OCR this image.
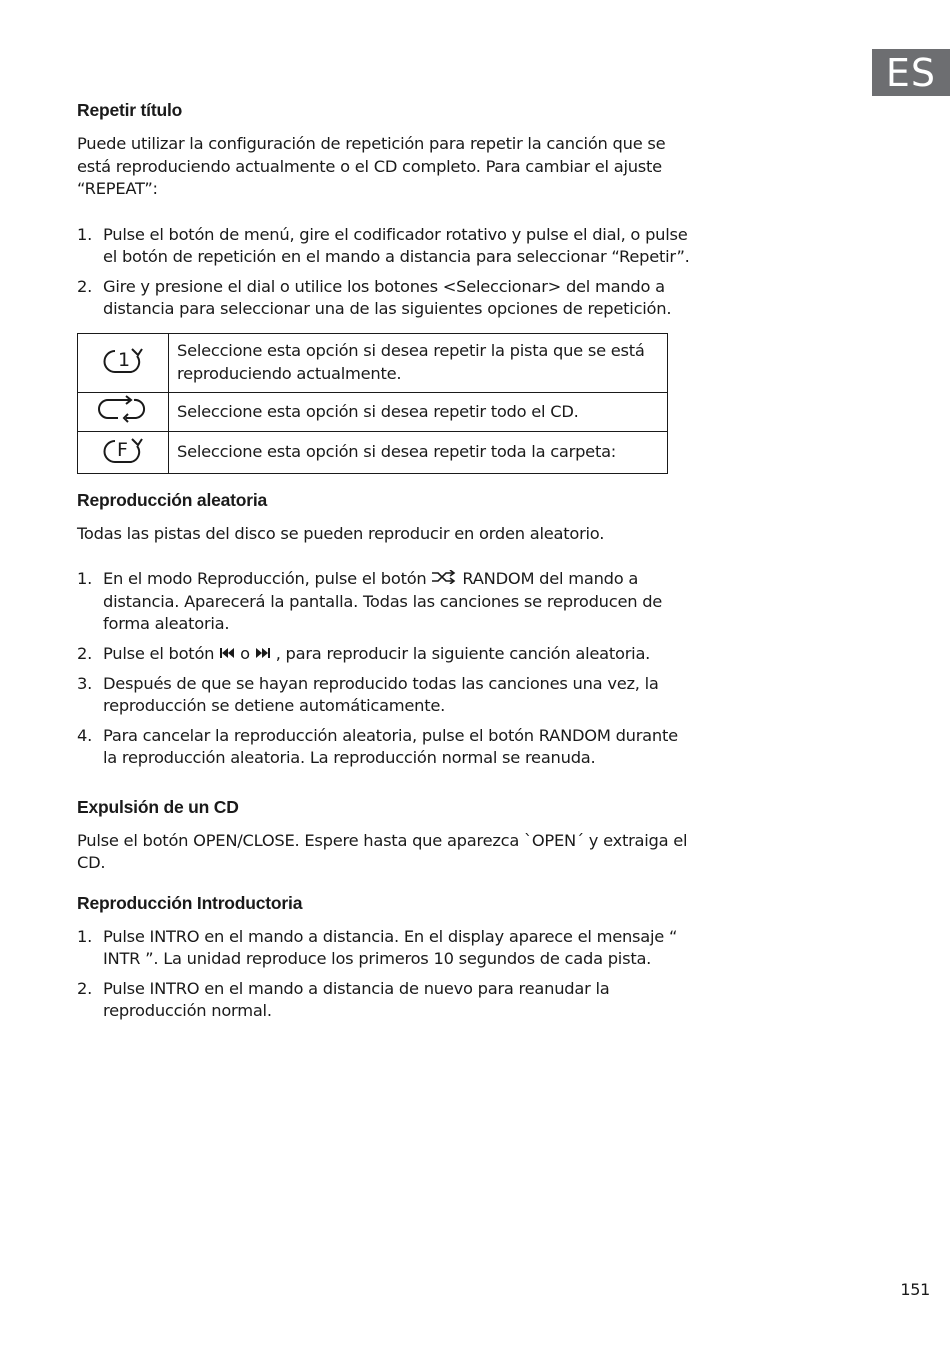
ES
Repetir título

Puede utilizar la configuración de repetición para repetir la canción que se está reproduciendo actualmente o el CD completo. Para cambiar el ajuste “REPEAT”:

1. Pulse el botón de menú, gire el codificador rotativo y pulse el dial, o pulse el botón de repetición en el mando a distancia para seleccionar “Repetir”.
2. Gire y presione el dial o utilice los botones <Seleccionar> del mando a distancia para seleccionar una de las siguientes opciones de repetición.
1	Seleccione esta opción si desea repetir la pista que se está reproduciendo actualmente.
	Seleccione esta opción si desea repetir todo el CD.

F	Seleccione esta opción si desea repetir toda la carpeta:
Reproducción aleatoria

Todas las pistas del disco se pueden reproducir en orden aleatorio.

1. En el modo Reproducción, pulse el botón RANDOM del mando a distancia. Aparecerá la pantalla. Todas las canciones se reproducen de forma aleatoria.
2. Pulse el botón o , para reproducir la siguiente canción aleatoria.
3. Después de que se hayan reproducido todas las canciones una vez, la reproducción se detiene automáticamente.
4. Para cancelar la reproducción aleatoria, pulse el botón RANDOM durante la reproducción aleatoria. La reproducción normal se reanuda.
Expulsión de un CD

Pulse el botón OPEN/CLOSE. Espere hasta que aparezca `OPEN´ y extraiga el CD.

Reproducción Introductoria
1. Pulse INTRO en el mando a distancia. En el display aparece el mensaje “ INTR ”. La unidad reproduce los primeros 10 segundos de cada pista.
2. Pulse INTRO en el mando a distancia de nuevo para reanudar la reproducción normal.
151
